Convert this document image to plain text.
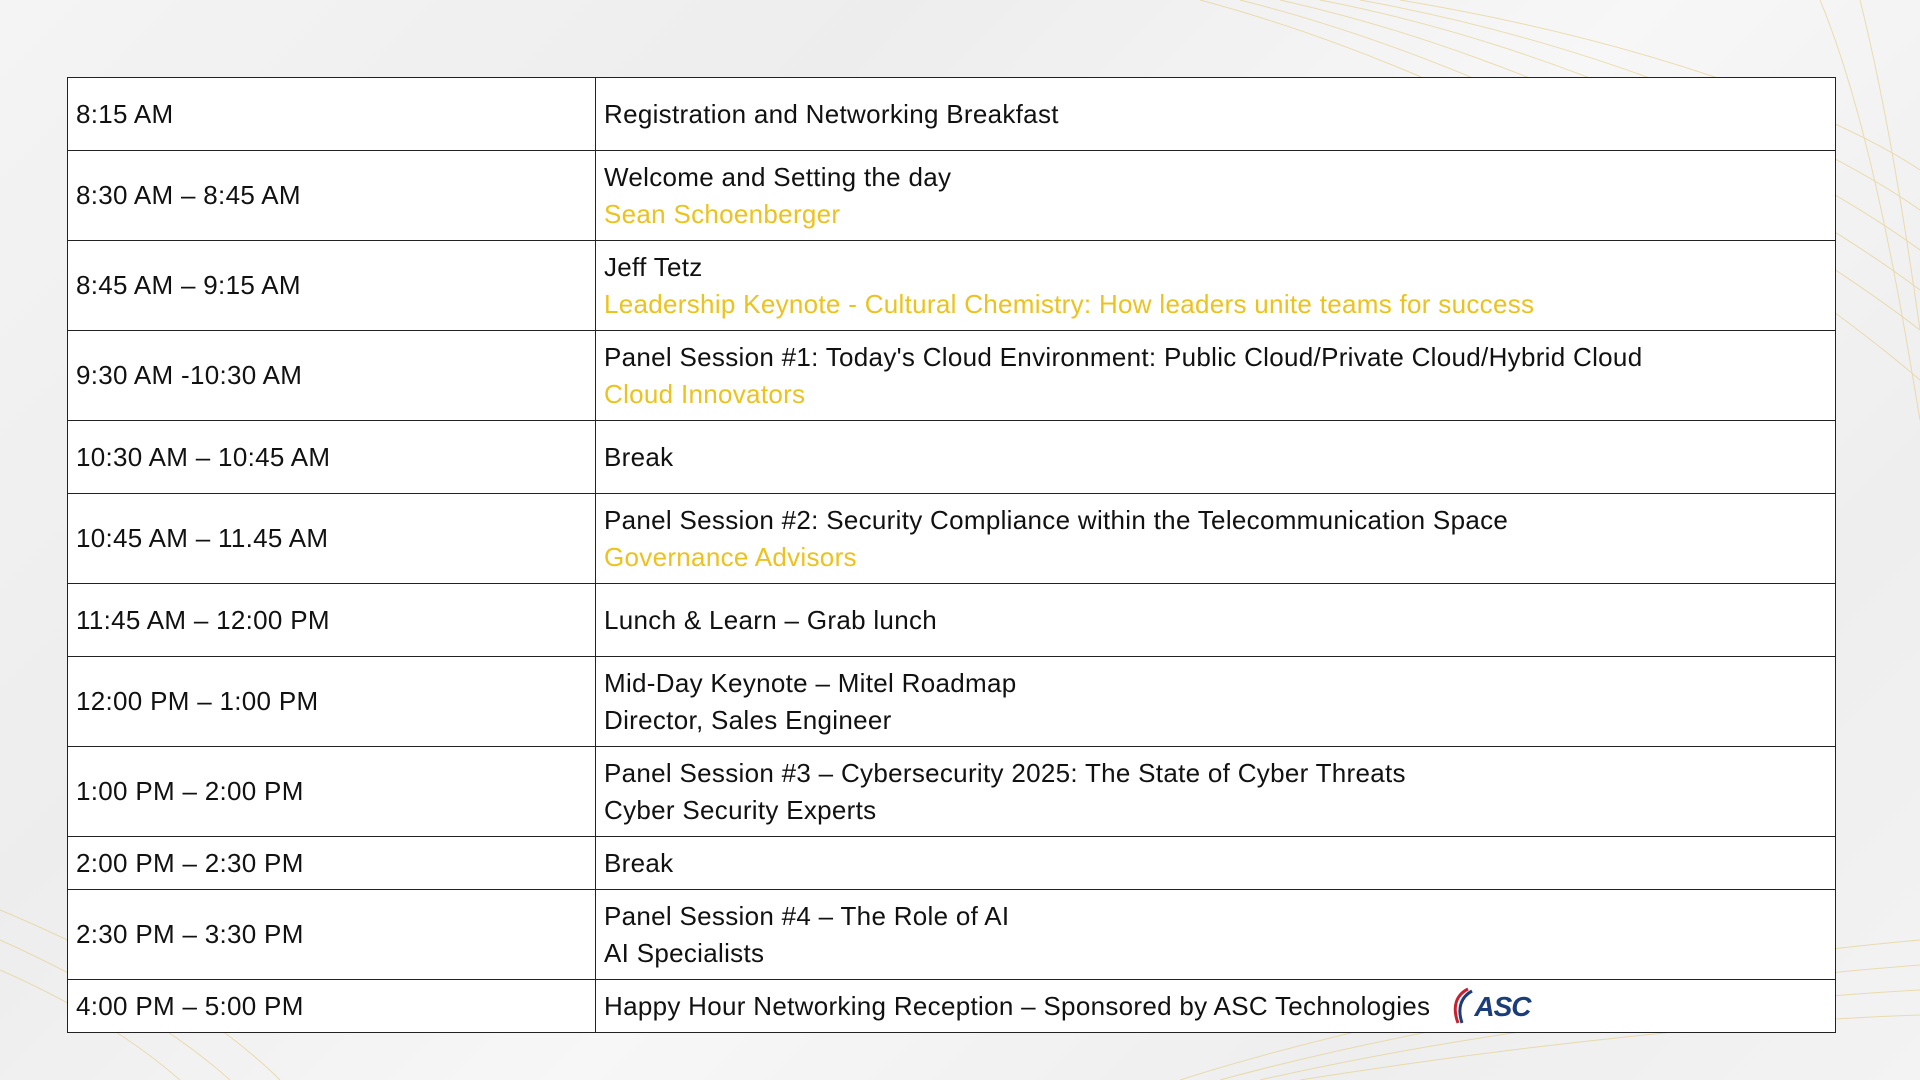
8:15 AM	Registration and Networking Breakfast

8:30 AM – 8:45 AM	Welcome and Setting the day
Sean Schoenberger

8:45 AM – 9:15 AM	Jeff Tetz
Leadership Keynote - Cultural Chemistry: How leaders unite teams for success

9:30 AM -10:30 AM	Panel Session #1: Today's Cloud Environment: Public Cloud/Private Cloud/Hybrid Cloud
Cloud Innovators

10:30 AM – 10:45 AM	Break

10:45 AM – 11.45 AM	Panel Session #2: Security Compliance within the Telecommunication Space
Governance Advisors

11:45 AM – 12:00 PM	Lunch & Learn – Grab lunch

12:00 PM – 1:00 PM	Mid-Day Keynote – Mitel Roadmap
Director, Sales Engineer

1:00 PM – 2:00 PM	Panel Session #3 – Cybersecurity 2025: The State of Cyber Threats
Cyber Security Experts

2:00 PM – 2:30 PM	Break

2:30 PM – 3:30 PM	Panel Session #4 – The Role of AI
AI Specialists

4:00 PM – 5:00 PM	Happy Hour Networking Reception – Sponsored by ASC Technologies ASC
